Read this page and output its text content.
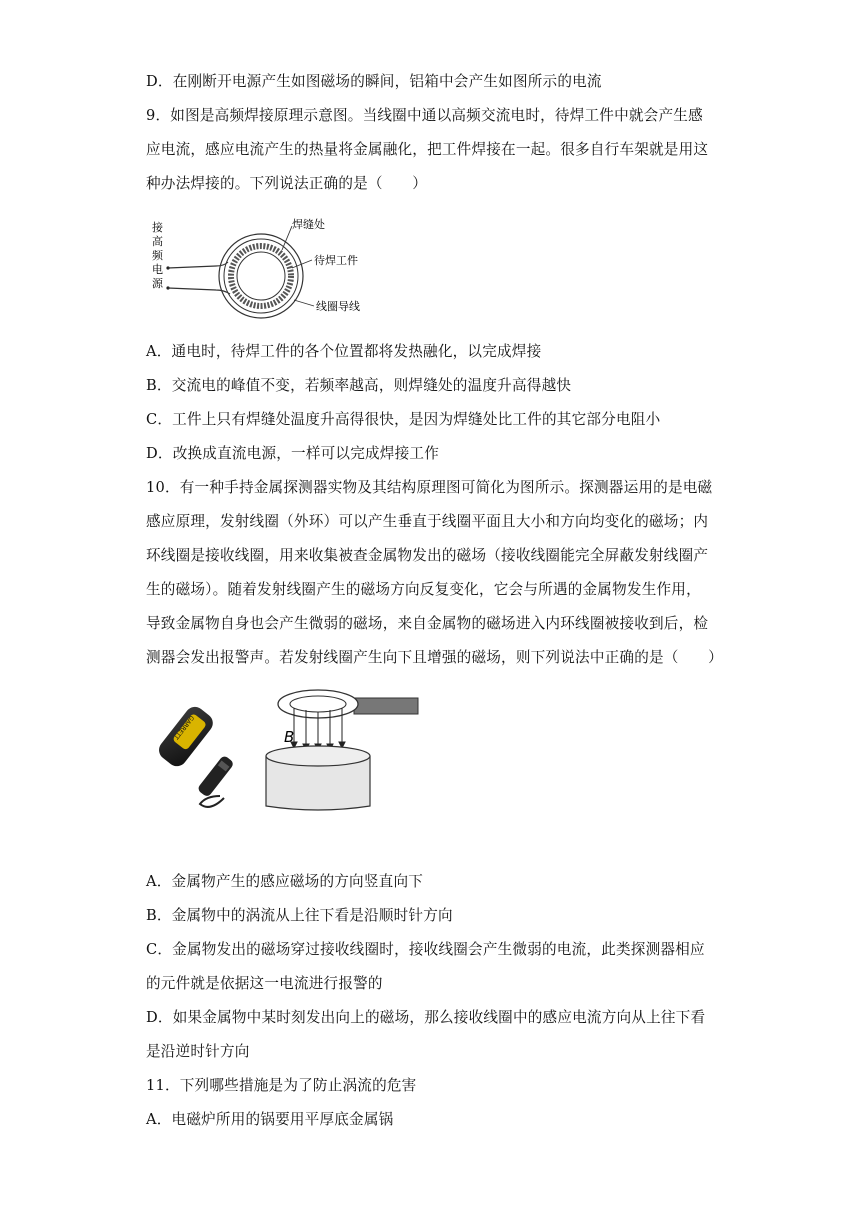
D．在刚断开电源产生如图磁场的瞬间，铝箱中会产生如图所示的电流
9．如图是高频焊接原理示意图。当线圈中通以高频交流电时，待焊工件中就会产生感
应电流，感应电流产生的热量将金属融化，把工件焊接在一起。很多自行车架就是用这
种办法焊接的。下列说法正确的是（　　）
接
高
频
电
源
焊缝处
待焊工件
线圈导线
A．通电时，待焊工件的各个位置都将发热融化，以完成焊接
B．交流电的峰值不变，若频率越高，则焊缝处的温度升高得越快
C．工件上只有焊缝处温度升高得很快，是因为焊缝处比工件的其它部分电阻小
D．改换成直流电源，一样可以完成焊接工作
10．有一种手持金属探测器实物及其结构原理图可简化为图所示。探测器运用的是电磁
感应原理，发射线圈（外环）可以产生垂直于线圈平面且大小和方向均变化的磁场；内
环线圈是接收线圈，用来收集被查金属物发出的磁场（接收线圈能完全屏蔽发射线圈产
生的磁场）。随着发射线圈产生的磁场方向反复变化，它会与所遇的金属物发生作用，
导致金属物自身也会产生微弱的磁场，来自金属物的磁场进入内环线圈被接收到后，检
测器会发出报警声。若发射线圈产生向下且增强的磁场，则下列说法中正确的是（　　）
GARRETT	B
A．金属物产生的感应磁场的方向竖直向下
B．金属物中的涡流从上往下看是沿顺时针方向
C．金属物发出的磁场穿过接收线圈时，接收线圈会产生微弱的电流，此类探测器相应
的元件就是依据这一电流进行报警的
D．如果金属物中某时刻发出向上的磁场，那么接收线圈中的感应电流方向从上往下看
是沿逆时针方向
11．下列哪些措施是为了防止涡流的危害
A．电磁炉所用的锅要用平厚底金属锅
